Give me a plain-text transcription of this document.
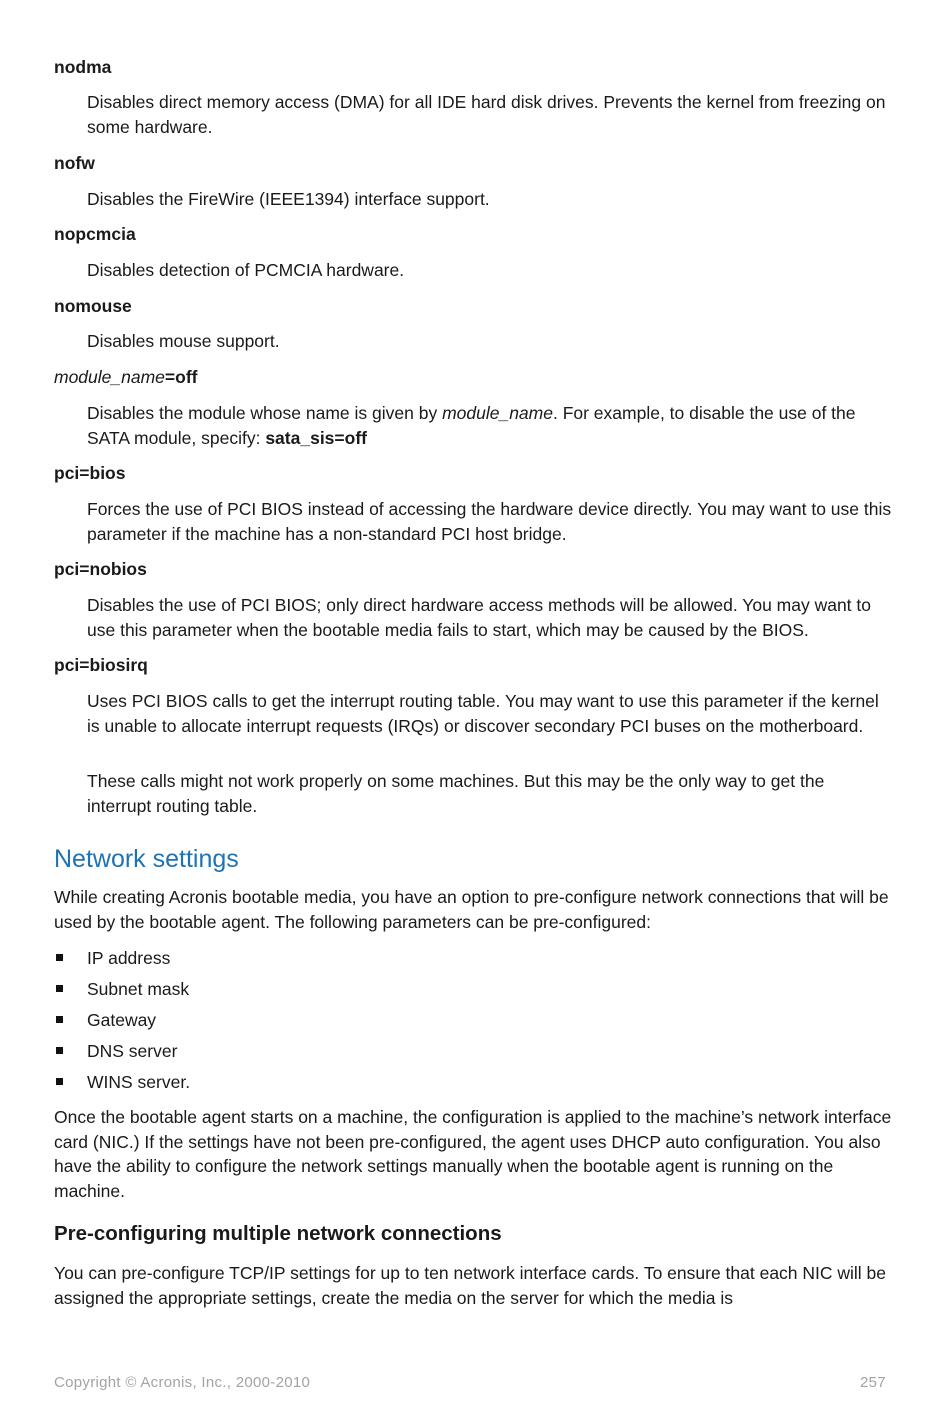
nodma
Disables direct memory access (DMA) for all IDE hard disk drives. Prevents the kernel from freezing on some hardware.
nofw
Disables the FireWire (IEEE1394) interface support.
nopcmcia
Disables detection of PCMCIA hardware.
nomouse
Disables mouse support.
module_name=off
Disables the module whose name is given by module_name. For example, to disable the use of the SATA module, specify: sata_sis=off
pci=bios
Forces the use of PCI BIOS instead of accessing the hardware device directly. You may want to use this parameter if the machine has a non-standard PCI host bridge.
pci=nobios
Disables the use of PCI BIOS; only direct hardware access methods will be allowed. You may want to use this parameter when the bootable media fails to start, which may be caused by the BIOS.
pci=biosirq
Uses PCI BIOS calls to get the interrupt routing table. You may want to use this parameter if the kernel is unable to allocate interrupt requests (IRQs) or discover secondary PCI buses on the motherboard.
These calls might not work properly on some machines. But this may be the only way to get the interrupt routing table.
Network settings
While creating Acronis bootable media, you have an option to pre-configure network connections that will be used by the bootable agent. The following parameters can be pre-configured:
IP address
Subnet mask
Gateway
DNS server
WINS server.
Once the bootable agent starts on a machine, the configuration is applied to the machine’s network interface card (NIC.) If the settings have not been pre-configured, the agent uses DHCP auto configuration. You also have the ability to configure the network settings manually when the bootable agent is running on the machine.
Pre-configuring multiple network connections
You can pre-configure TCP/IP settings for up to ten network interface cards. To ensure that each NIC will be assigned the appropriate settings, create the media on the server for which the media is
Copyright © Acronis, Inc., 2000-2010	257
